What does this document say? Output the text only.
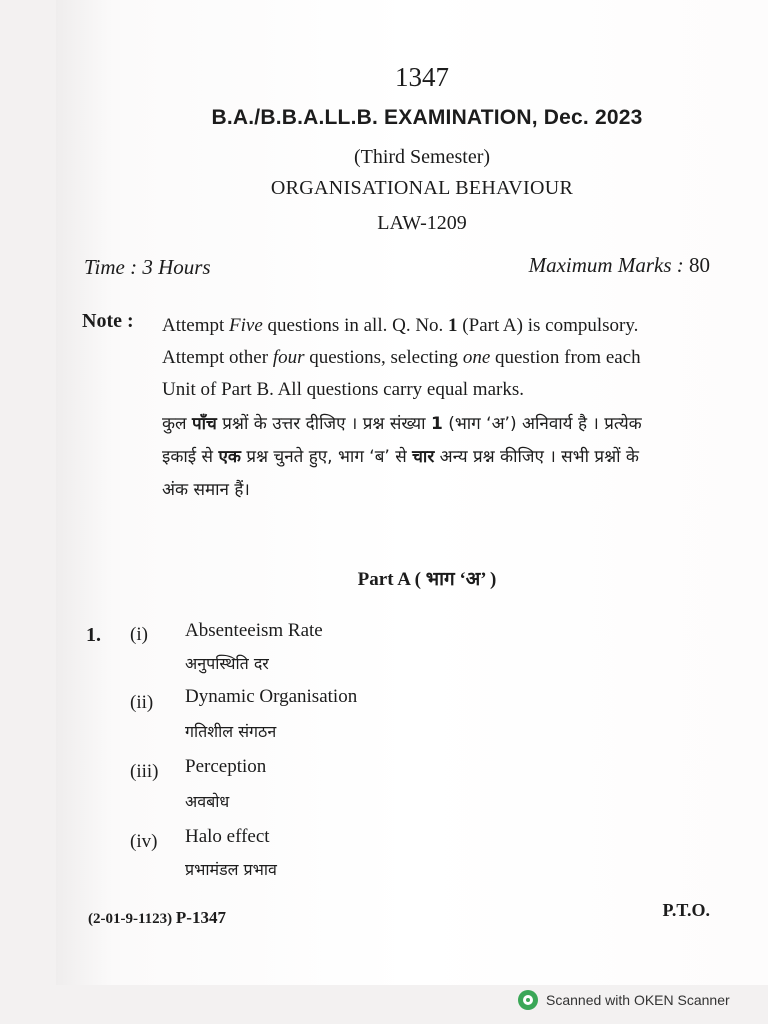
1347
B.A./B.B.A.LL.B. EXAMINATION, Dec. 2023
(Third Semester)
ORGANISATIONAL BEHAVIOUR
LAW-1209
Time : 3 Hours	Maximum Marks : 80
Note : Attempt Five questions in all. Q. No. 1 (Part A) is compulsory. Attempt other four questions, selecting one question from each Unit of Part B. All questions carry equal marks.

कुल पाँच प्रश्नों के उत्तर दीजिए । प्रश्न संख्या 1 (भाग ‘अ’) अनिवार्य है । प्रत्येक इकाई से एक प्रश्न चुनते हुए, भाग ‘ब’ से चार अन्य प्रश्न कीजिए । सभी प्रश्नों के अंक समान हैं।

Part A ( भाग ‘अ’ )
1. (i) Absenteeism Rate
अनुपस्थिति दर
(ii) Dynamic Organisation
गतिशील संगठन
(iii) Perception
अवबोध
(iv) Halo effect
प्रभामंडल प्रभाव
(2-01-9-1123) P-1347	P.T.O.
Scanned with OKEN Scanner
